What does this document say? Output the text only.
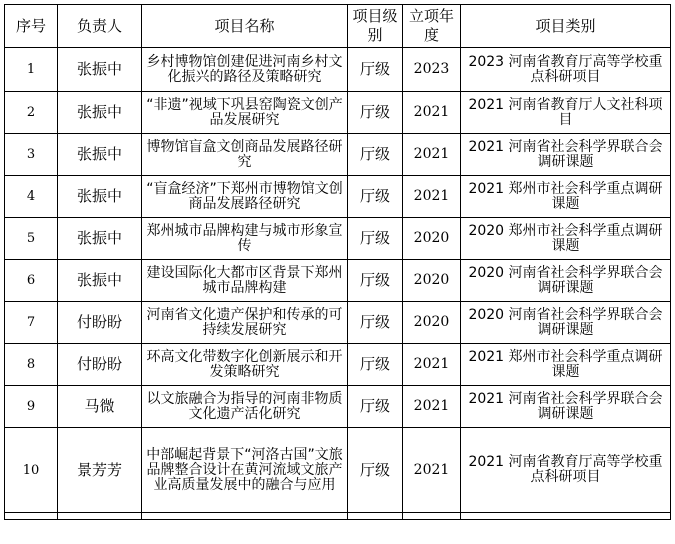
序号	负责人	项目名称	项目级别	立项年度	项目类别
1	张振中	乡村博物馆创建促进河南乡村文化振兴的路径及策略研究	厅级	2023	2023 河南省教育厅高等学校重点科研项目
2	张振中	“非遗”视域下巩县窑陶瓷文创产品发展研究	厅级	2021	2021 河南省教育厅人文社科项目
3	张振中	博物馆盲盒文创商品发展路径研究	厅级	2021	2021 河南省社会科学界联合会调研课题
4	张振中	“盲盒经济”下郑州市博物馆文创商品发展路径研究	厅级	2021	2021 郑州市社会科学重点调研课题
5	张振中	郑州城市品牌构建与城市形象宣传	厅级	2020	2020 郑州市社会科学重点调研课题
6	张振中	建设国际化大都市区背景下郑州城市品牌构建	厅级	2020	2020 河南省社会科学界联合会调研课题
7	付盼盼	河南省文化遗产保护和传承的可持续发展研究	厅级	2020	2020 河南省社会科学界联合会调研课题
8	付盼盼	环高文化带数字化创新展示和开发策略研究	厅级	2021	2021 郑州市社会科学重点调研课题
9	马微	以文旅融合为指导的河南非物质文化遗产活化研究	厅级	2021	2021 河南省社会科学界联合会调研课题
10	景芳芳	中部崛起背景下“河洛古国”文旅品牌整合设计在黄河流域文旅产业高质量发展中的融合与应用	厅级	2021	2021 河南省教育厅高等学校重点科研项目
